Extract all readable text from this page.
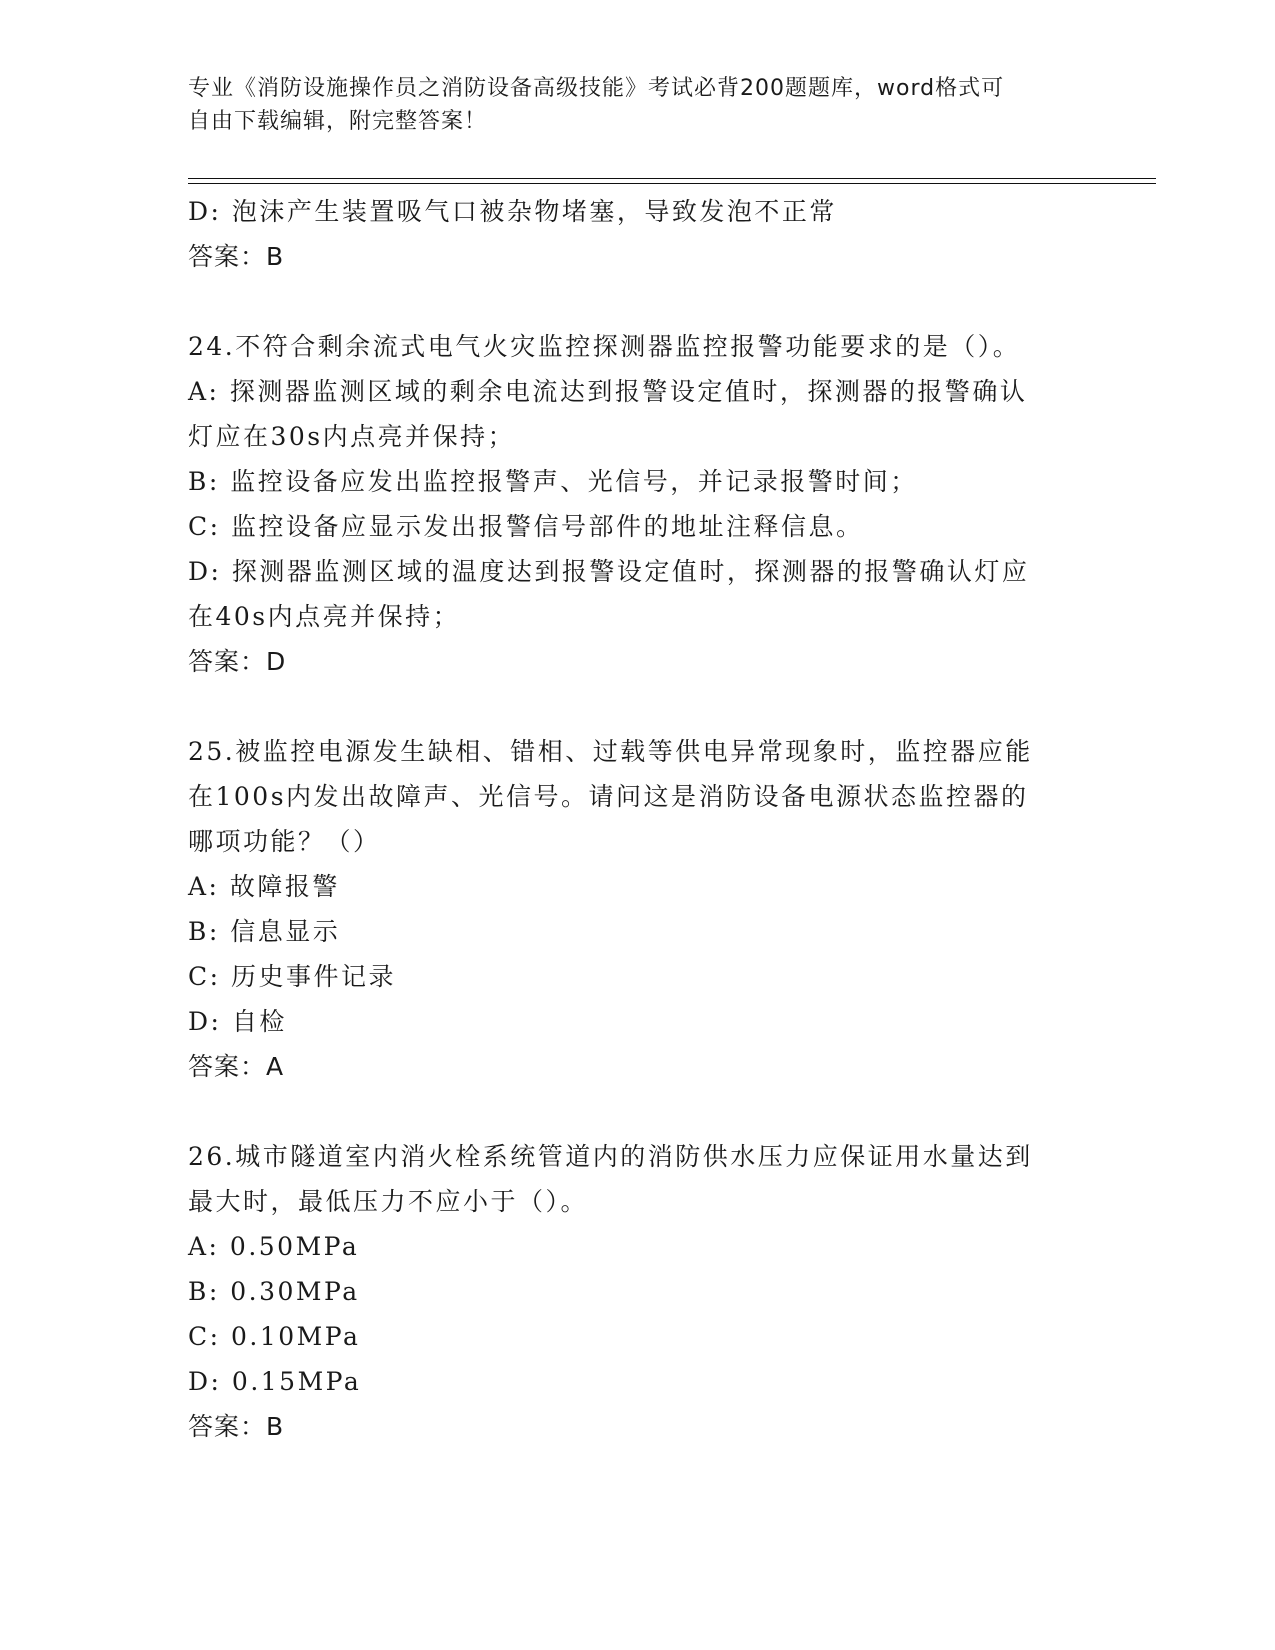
专业《消防设施操作员之消防设备高级技能》考试必背200题题库，word格式可
自由下载编辑，附完整答案！
D: 泡沫产生装置吸气口被杂物堵塞，导致发泡不正常
答案：B
24.不符合剩余流式电气火灾监控探测器监控报警功能要求的是（）。
A: 探测器监测区域的剩余电流达到报警设定值时，探测器的报警确认
灯应在30s内点亮并保持；
B: 监控设备应发出监控报警声、光信号，并记录报警时间；
C: 监控设备应显示发出报警信号部件的地址注释信息。
D: 探测器监测区域的温度达到报警设定值时，探测器的报警确认灯应
在40s内点亮并保持；
答案：D
25.被监控电源发生缺相、错相、过载等供电异常现象时，监控器应能
在100s内发出故障声、光信号。请问这是消防设备电源状态监控器的
哪项功能？（）
A: 故障报警
B: 信息显示
C: 历史事件记录
D: 自检
答案：A
26.城市隧道室内消火栓系统管道内的消防供水压力应保证用水量达到
最大时，最低压力不应小于（）。
A: 0.50MPa
B: 0.30MPa
C: 0.10MPa
D: 0.15MPa
答案：B
